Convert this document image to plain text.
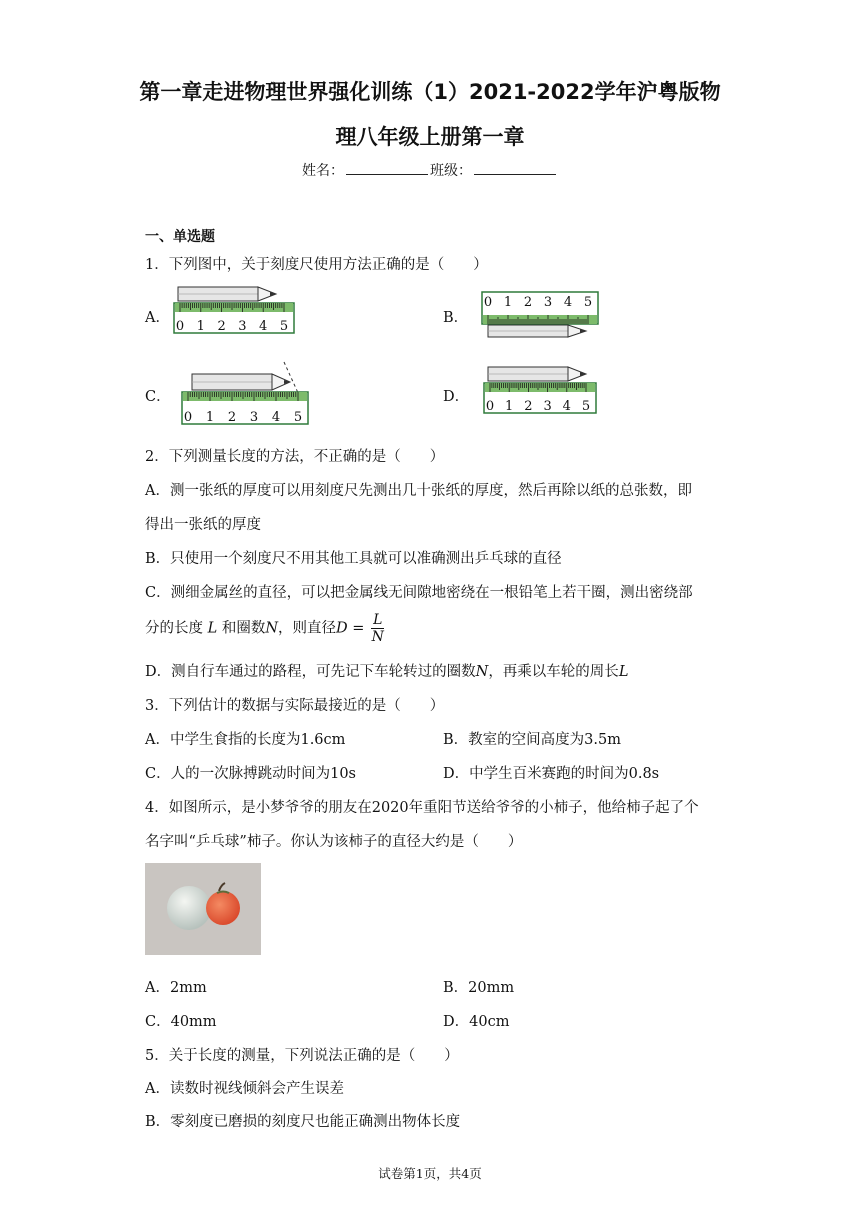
第一章走进物理世界强化训练（1）2021-2022学年沪粤版物
理八年级上册第一章
姓名：	班级：
一、单选题
1．下列图中，关于刻度尺使用方法正确的是（　　）
A．	B．
C．	D．
0 1 2 3 4 5
0 1 2 3 4 5
0 1 2 3 4 5
0 1 2 3 4 5
2．下列测量长度的方法，不正确的是（　　）
A．测一张纸的厚度可以用刻度尺先测出几十张纸的厚度，然后再除以纸的总张数，即
得出一张纸的厚度
B．只使用一个刻度尺不用其他工具就可以准确测出乒乓球的直径
C．测细金属丝的直径，可以把金属线无间隙地密绕在一根铅笔上若干圈，测出密绕部
分的长度 L 和圈数N，则直径$D = \frac{L}{N}$
D．测自行车通过的路程，可先记下车轮转过的圈数N，再乘以车轮的周长L
3．下列估计的数据与实际最接近的是（　　）
A．中学生食指的长度为1.6cm	B．教室的空间高度为3.5m
C．人的一次脉搏跳动时间为10s	D．中学生百米赛跑的时间为0.8s
4．如图所示，是小梦爷爷的朋友在2020年重阳节送给爷爷的小柿子，他给柿子起了个
名字叫“乒乓球”柿子。你认为该柿子的直径大约是（　　）
A．2mm	B．20mm
C．40mm	D．40cm
5．关于长度的测量，下列说法正确的是（　　）
A．读数时视线倾斜会产生误差
B．零刻度已磨损的刻度尺也能正确测出物体长度
试卷第1页，共4页
